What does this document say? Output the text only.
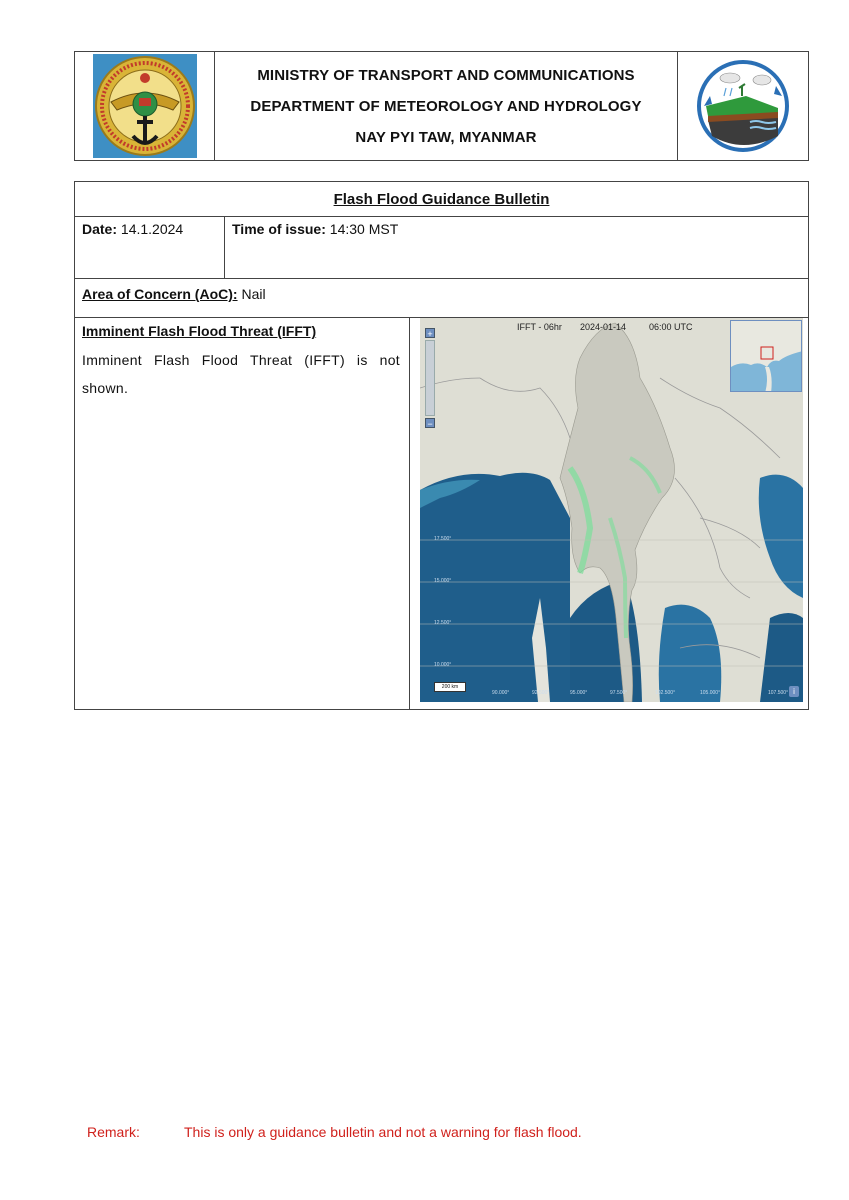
MINISTRY OF TRANSPORT AND COMMUNICATIONS
DEPARTMENT OF METEOROLOGY AND HYDROLOGY
NAY PYI TAW, MYANMAR
Flash Flood Guidance Bulletin
Date: 14.1.2024	Time of issue: 14:30 MST
Area of Concern (AoC): Nail
Imminent Flash Flood Threat (IFFT)
Imminent Flash Flood Threat (IFFT) is not shown.
IFFT - 06hr 2024-01-14	06:00 UTC
+
−
200 km	i
17.500°
15.000°
12.500°
10.000°
90.000°	92.500°	95.000°	97.500°	102.500°	105.000°	107.500°
Remark:	This is only a guidance bulletin and not a warning for flash flood.
